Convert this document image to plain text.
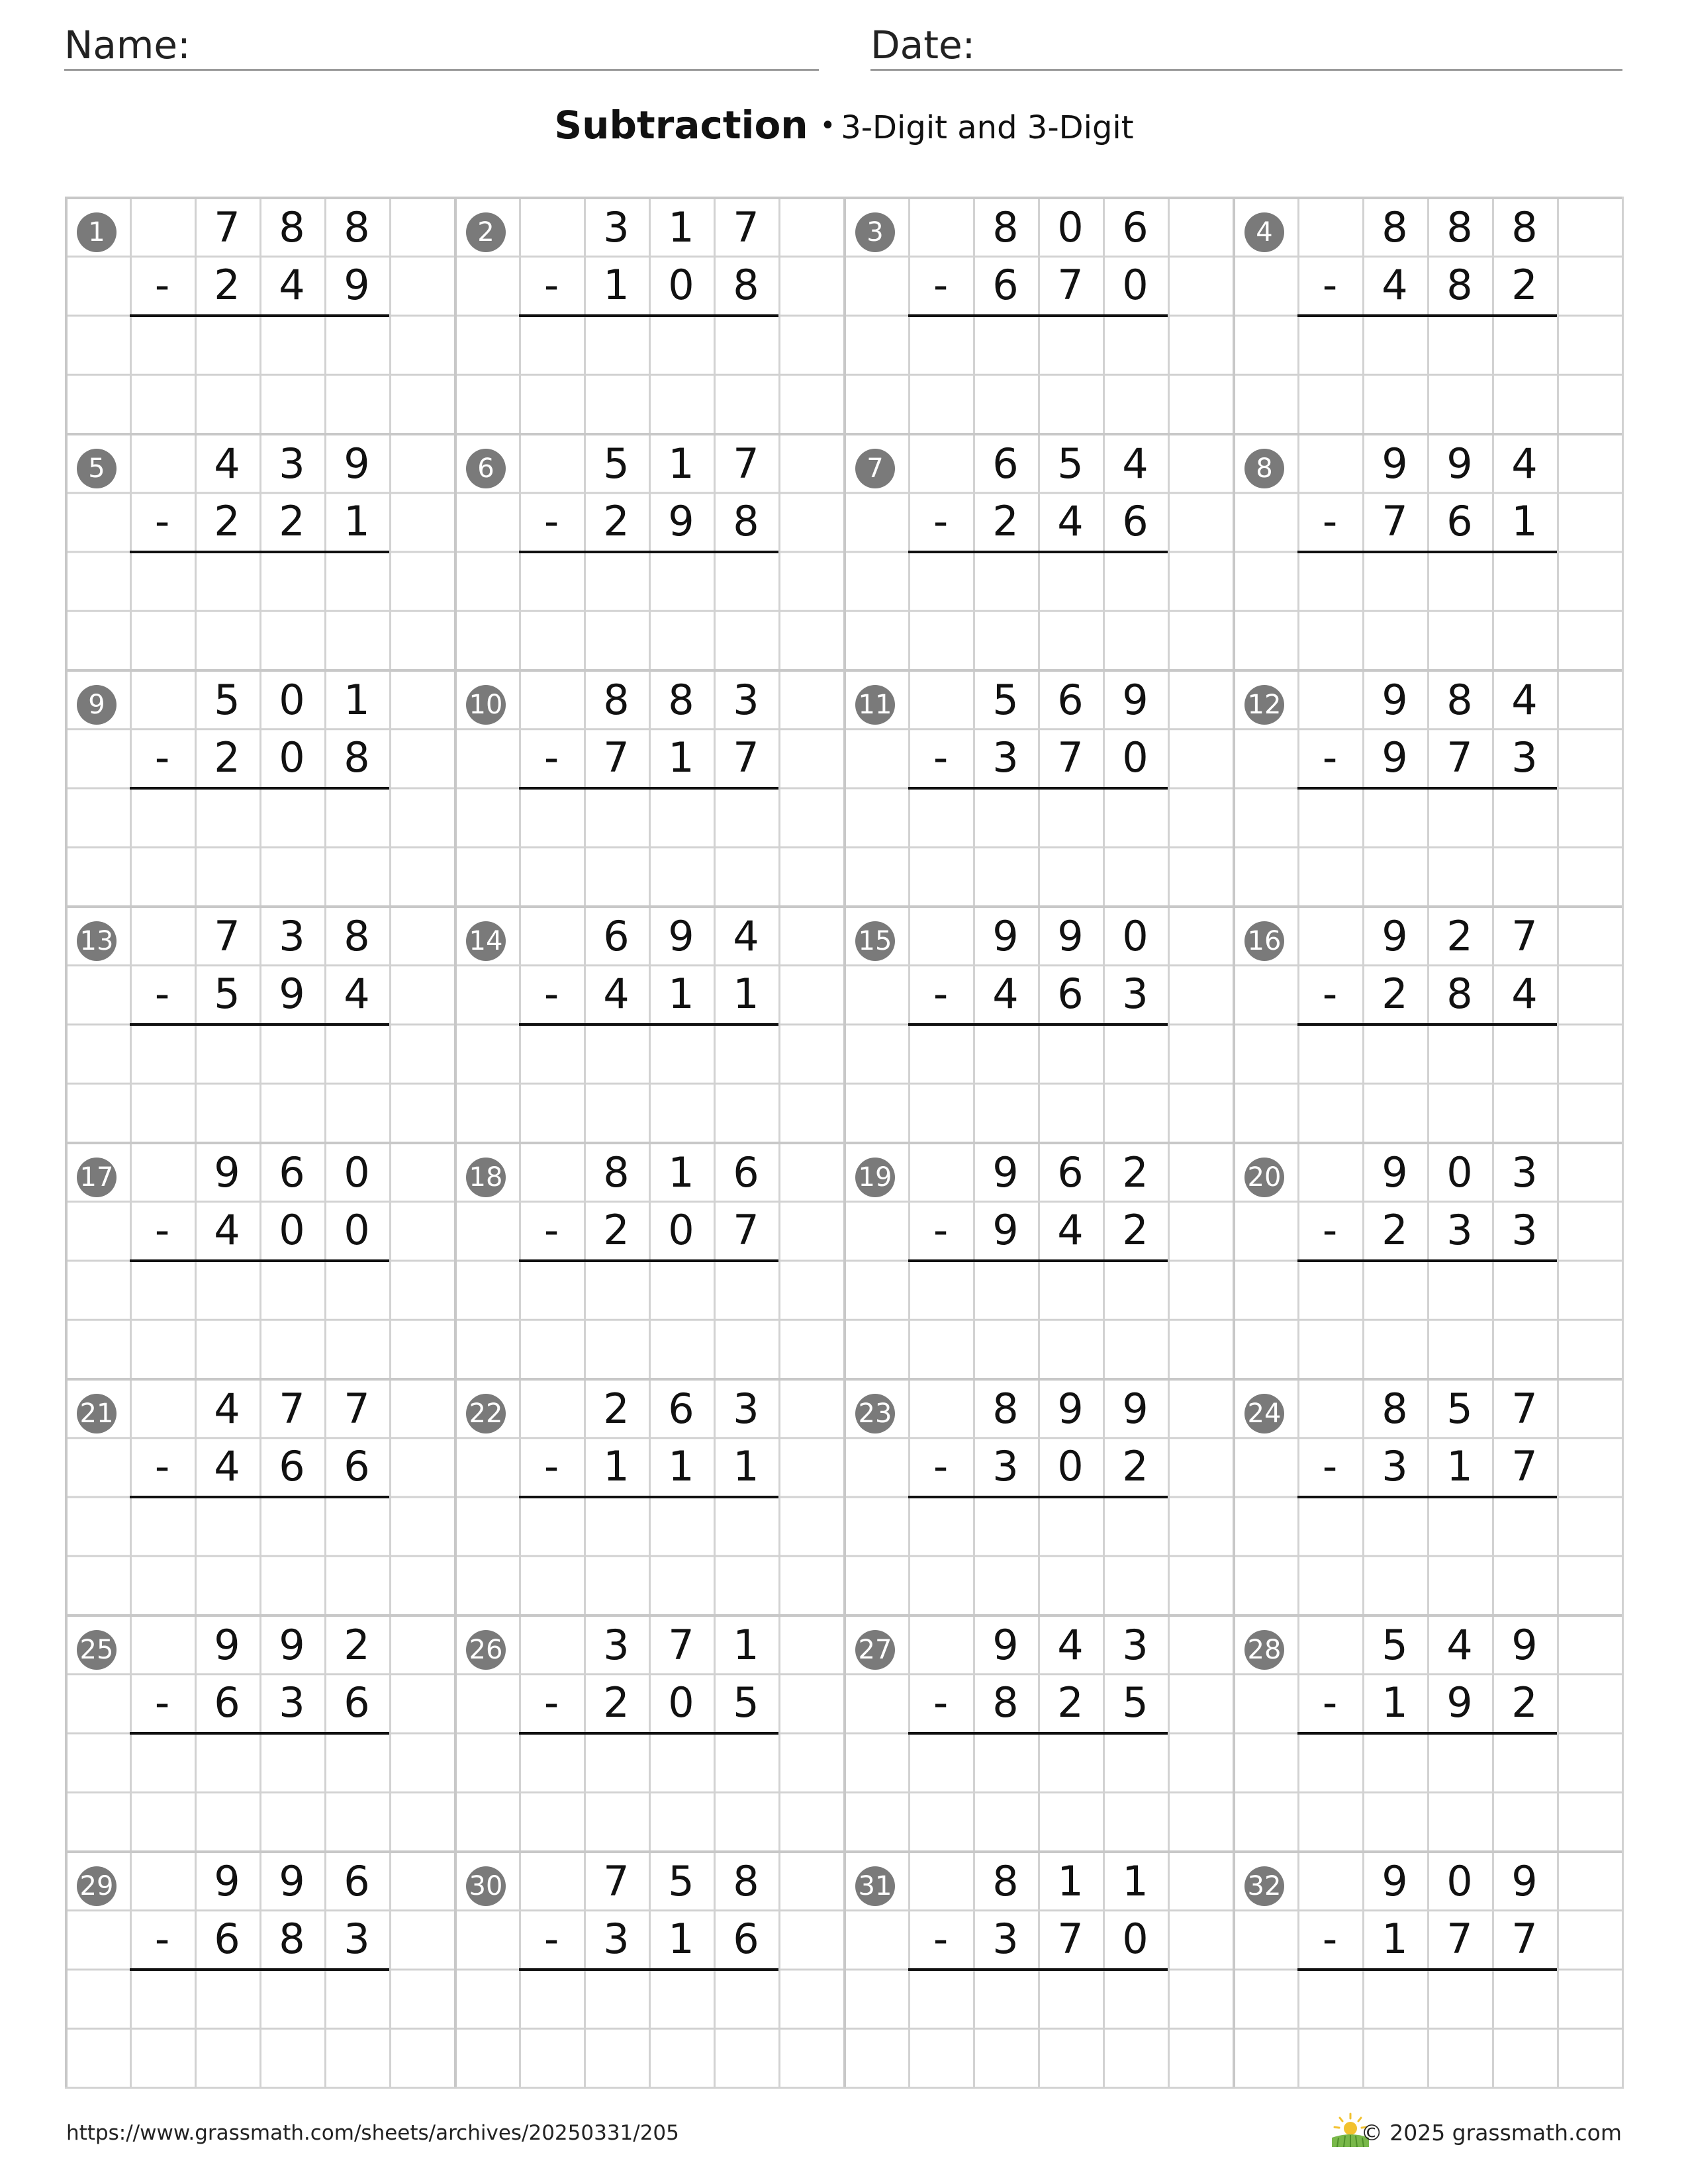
Name:	Date:
Subtraction • 3-Digit and 3-Digit
1	7 8 8
-	2 4 9
2	3 1 7
-	1 0 8
3	8 0 6
-	6 7 0
4	8 8 8
-	4 8 2
5	4 3 9
-	2 2 1
6	5 1 7
-	2 9 8
7	6 5 4
-	2 4 6
8	9 9 4
-	7 6 1
9	5 0 1
-	2 0 8
10	8 8 3
-	7 1 7
11	5 6 9
-	3 7 0
12	9 8 4
-	9 7 3
13	7 3 8
-	5 9 4
14	6 9 4
-	4 1 1
15	9 9 0
-	4 6 3
16	9 2 7
-	2 8 4
17	9 6 0
-	4 0 0
18	8 1 6
-	2 0 7
19	9 6 2
-	9 4 2
20	9 0 3
-	2 3 3
21	4 7 7
-	4 6 6
22	2 6 3
-	1 1 1
23	8 9 9
-	3 0 2
24	8 5 7
-	3 1 7
25	9 9 2
-	6 3 6
26	3 7 1
-	2 0 5
27	9 4 3
-	8 2 5
28	5 4 9
-	1 9 2
29	9 9 6
-	6 8 3
30	7 5 8
-	3 1 6
31	8 1 1
-	3 7 0
32	9 0 9
-	1 7 7
https://www.grassmath.com/sheets/archives/20250331/205	© 2025 grassmath.com
